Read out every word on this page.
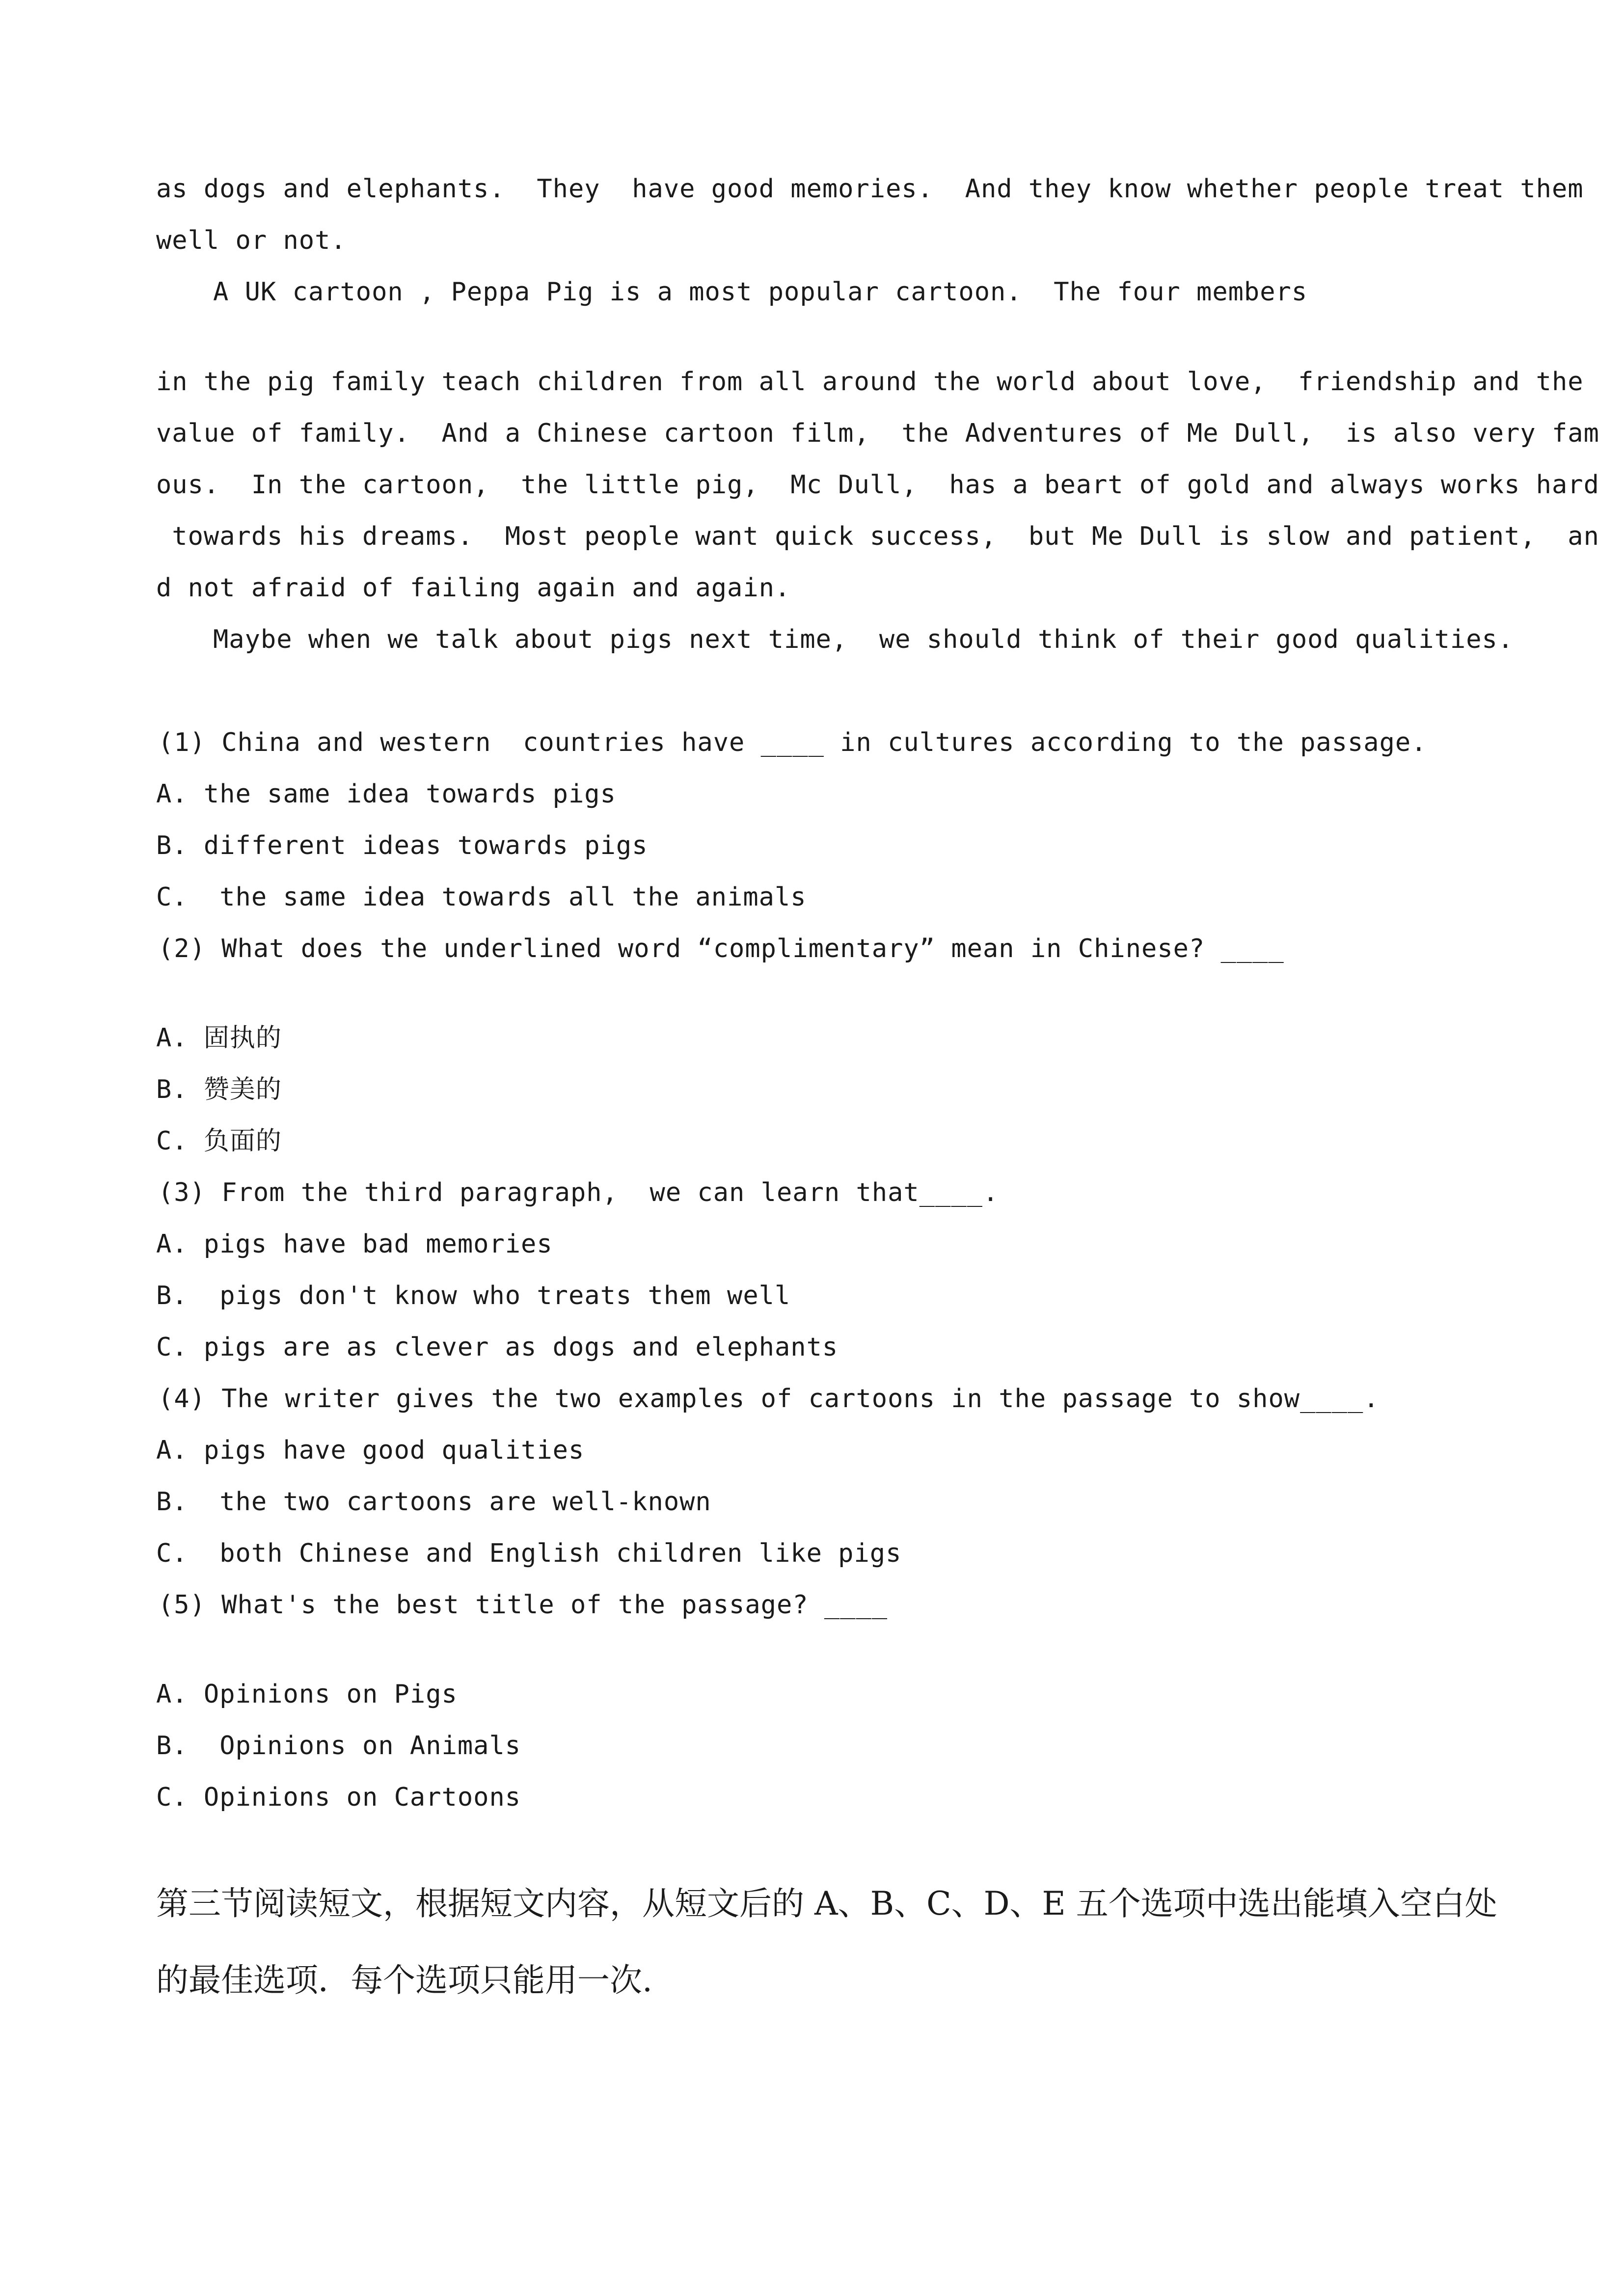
as dogs and elephants.  They  have good memories.  And they know whether people treat them
well or not.
A UK cartoon , Peppa Pig is a most popular cartoon.  The four members
in the pig family teach children from all around the world about love,  friendship and the
value of family.  And a Chinese cartoon film,  the Adventures of Me Dull,  is also very fam
ous.  In the cartoon,  the little pig,  Mc Dull,  has a beart of gold and always works hard
towards his dreams.  Most people want quick success,  but Me Dull is slow and patient,  an
d not afraid of failing again and again.
Maybe when we talk about pigs next time,  we should think of their good qualities.
(1) China and western  countries have ____ in cultures according to the passage.
A. the same idea towards pigs
B. different ideas towards pigs
C.  the same idea towards all the animals
(2) What does the underlined word “complimentary” mean in Chinese? ____
A. 固执的
B. 赞美的
C. 负面的
(3) From the third paragraph,  we can learn that____.
A. pigs have bad memories
B.  pigs don't know who treats them well
C. pigs are as clever as dogs and elephants
(4) The writer gives the two examples of cartoons in the passage to show____.
A. pigs have good qualities
B.  the two cartoons are well-known
C.  both Chinese and English children like pigs
(5) What's the best title of the passage? ____
A. Opinions on Pigs
B.  Opinions on Animals
C. Opinions on Cartoons
第三节阅读短文，根据短文内容，从短文后的 A、B、C、D、E 五个选项中选出能填入空白处
的最佳选项．每个选项只能用一次.
